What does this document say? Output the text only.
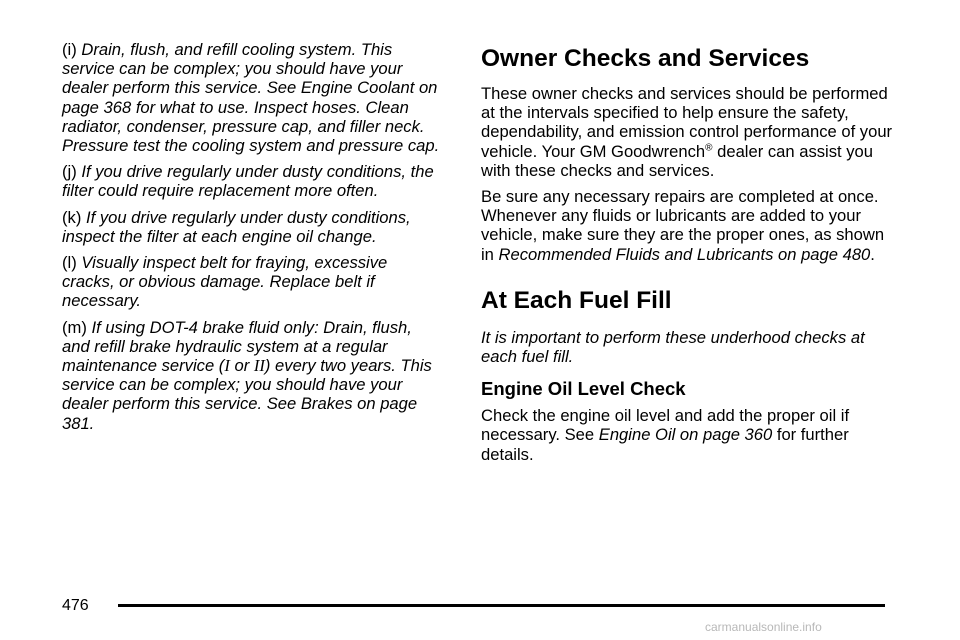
(i) Drain, flush, and refill cooling system. This service can be complex; you should have your dealer perform this service. See Engine Coolant on page 368 for what to use. Inspect hoses. Clean radiator, condenser, pressure cap, and filler neck. Pressure test the cooling system and pressure cap.

(j) If you drive regularly under dusty conditions, the filter could require replacement more often.

(k) If you drive regularly under dusty conditions, inspect the filter at each engine oil change.

(l) Visually inspect belt for fraying, excessive cracks, or obvious damage. Replace belt if necessary.

(m) If using DOT-4 brake fluid only: Drain, flush, and refill brake hydraulic system at a regular maintenance service (I or II) every two years. This service can be complex; you should have your dealer perform this service. See Brakes on page 381.

Owner Checks and Services

These owner checks and services should be performed at the intervals specified to help ensure the safety, dependability, and emission control performance of your vehicle. Your GM Goodwrench® dealer can assist you with these checks and services.

Be sure any necessary repairs are completed at once. Whenever any fluids or lubricants are added to your vehicle, make sure they are the proper ones, as shown in Recommended Fluids and Lubricants on page 480.

At Each Fuel Fill

It is important to perform these underhood checks at each fuel fill.

Engine Oil Level Check

Check the engine oil level and add the proper oil if necessary. See Engine Oil on page 360 for further details.

476
carmanualsonline.info
